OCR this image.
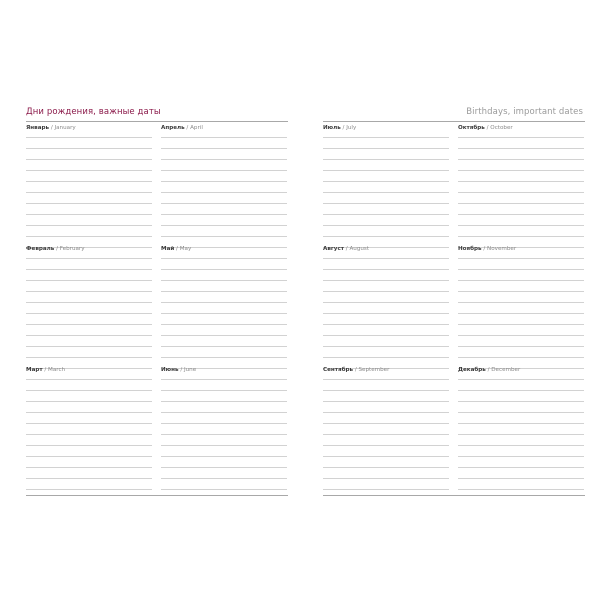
Дни рождения, важные даты
Январь / January	Апрель / April
Февраль / February	Май / May
Март / March	Июнь / June
Birthdays, important dates
Июль / July	Октябрь / October
Август / August	Ноябрь / November
Сентябрь / September	Декабрь / December
